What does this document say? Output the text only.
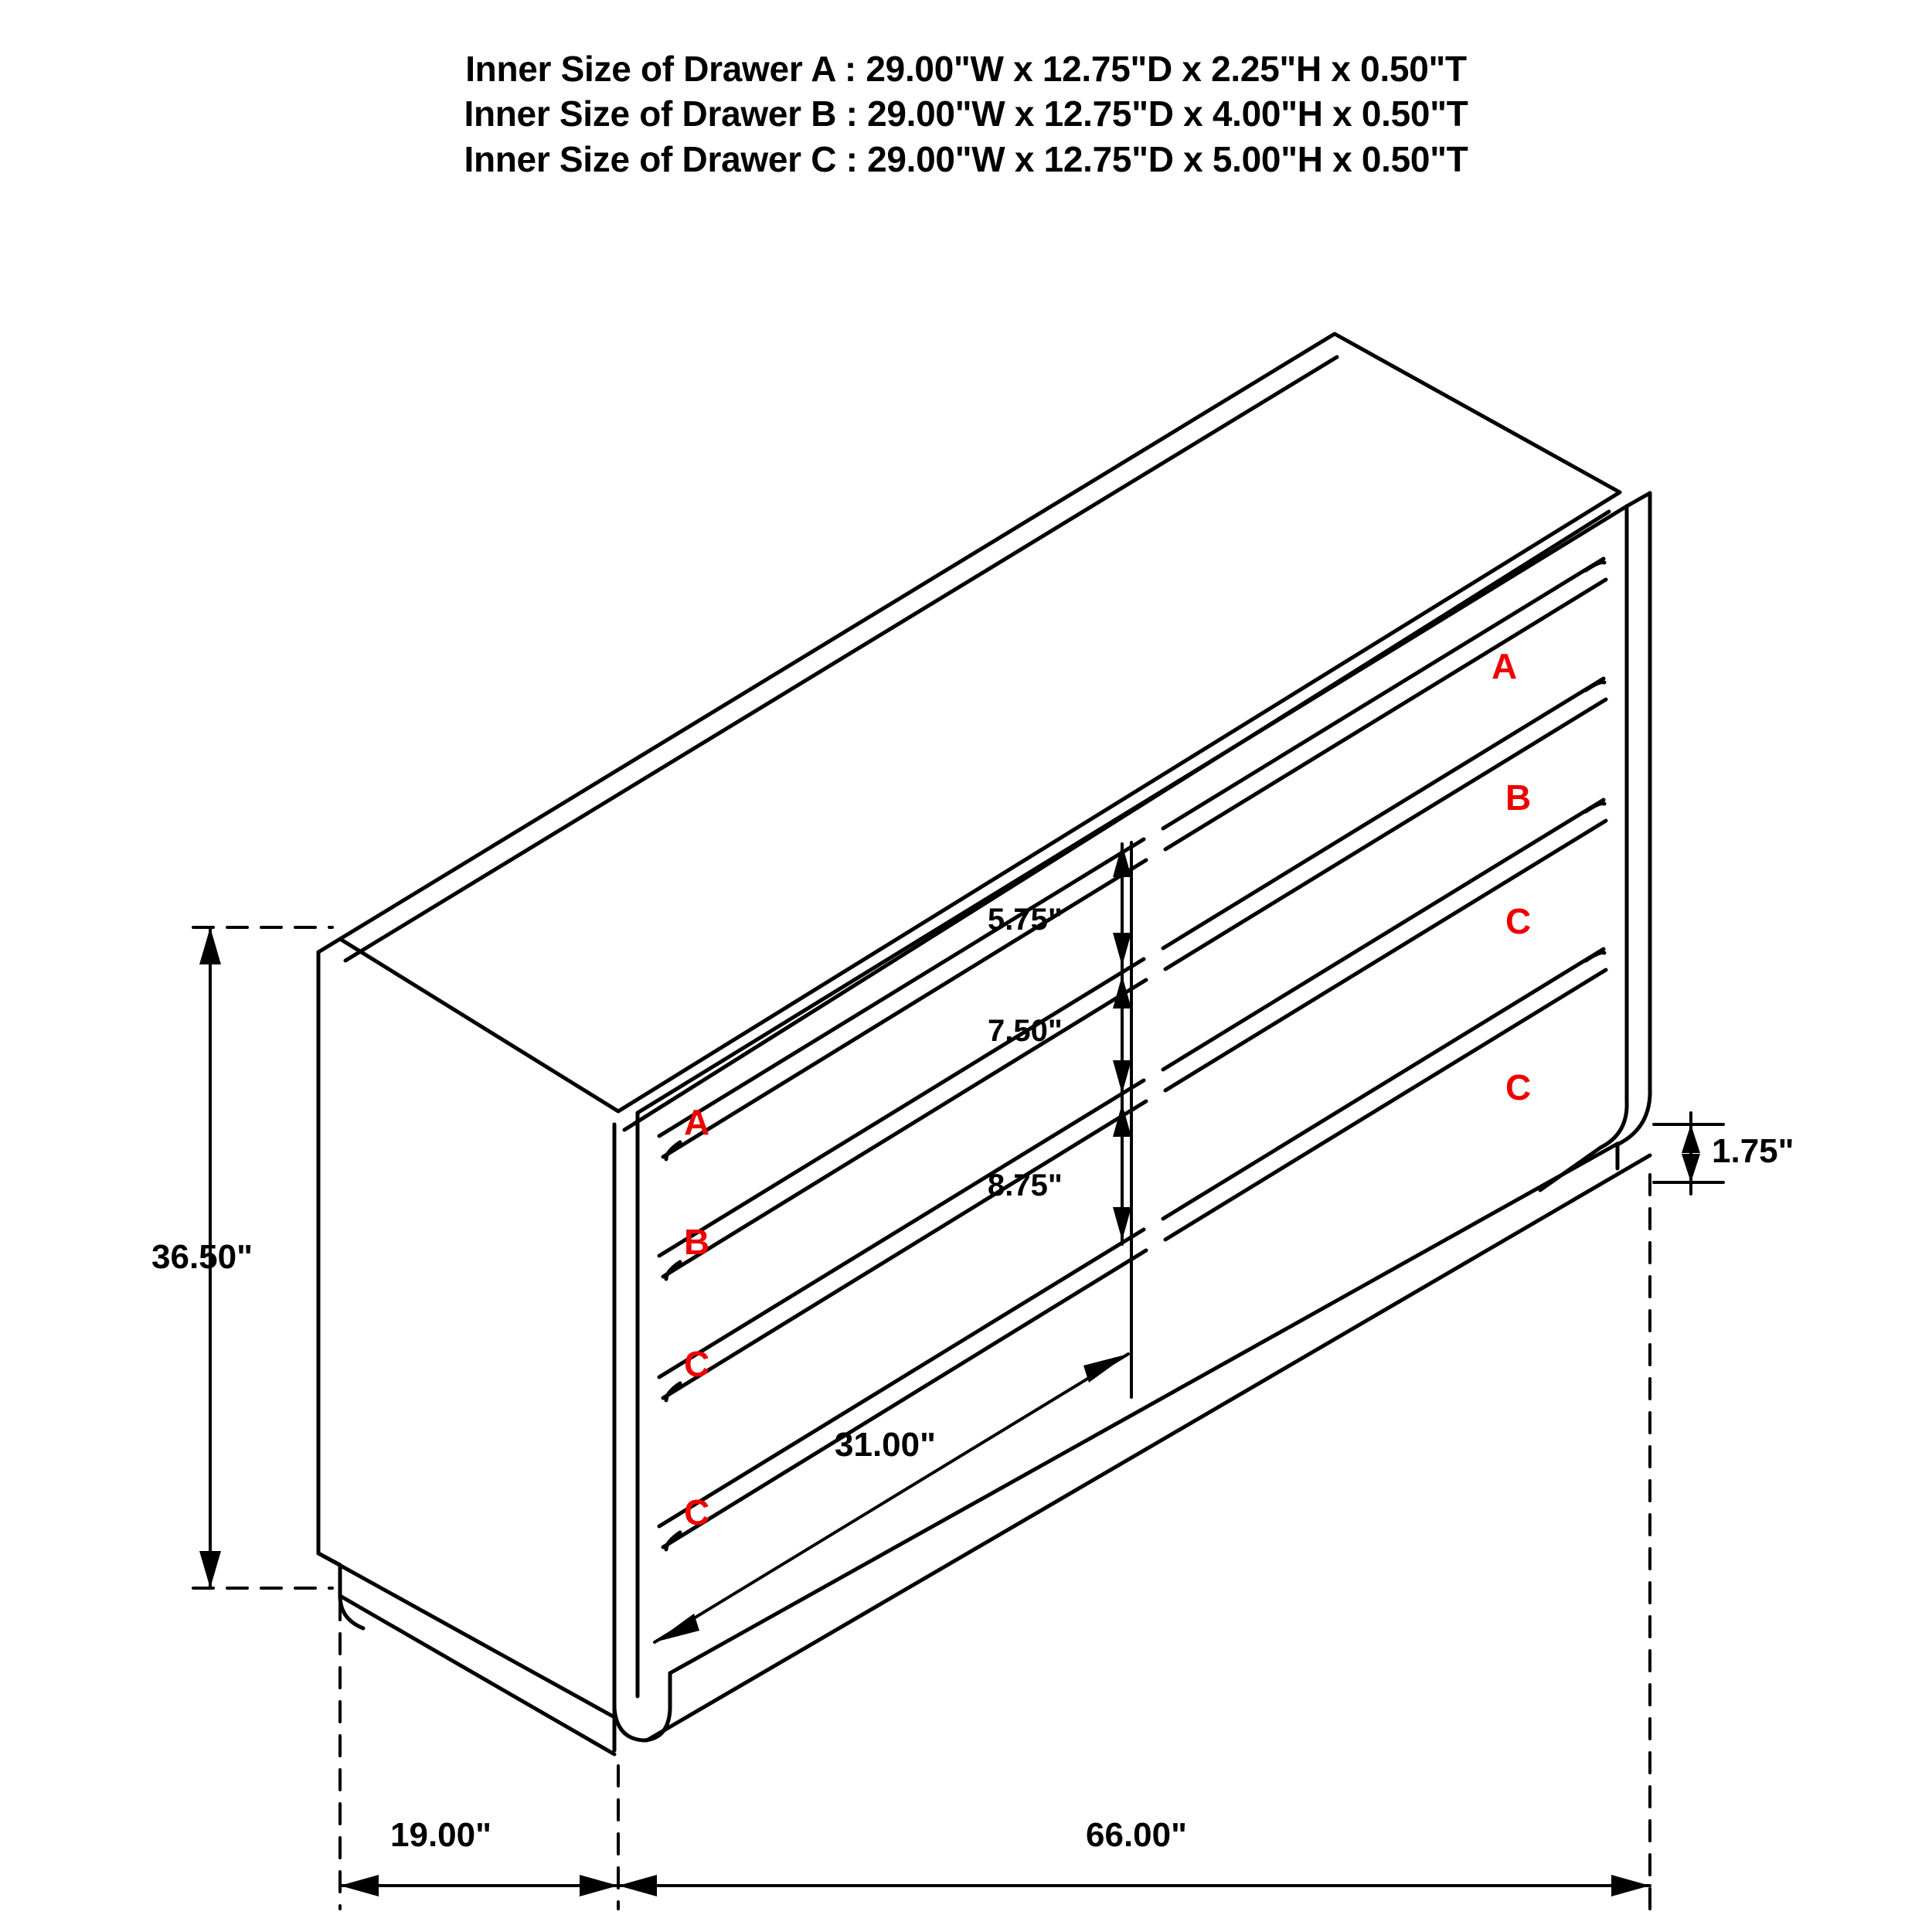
Inner Size of Drawer A : 29.00"W x 12.75"D x 2.25"H x 0.50"T
Inner Size of Drawer B : 29.00"W x 12.75"D x 4.00"H x 0.50"T
Inner Size of Drawer C : 29.00"W x 12.75"D x 5.00"H x 0.50"T
A
B
C
C
A
B
C
C
36.50"
19.00"	66.00"
1.75"
5.75"
7.50"
8.75"
31.00"
